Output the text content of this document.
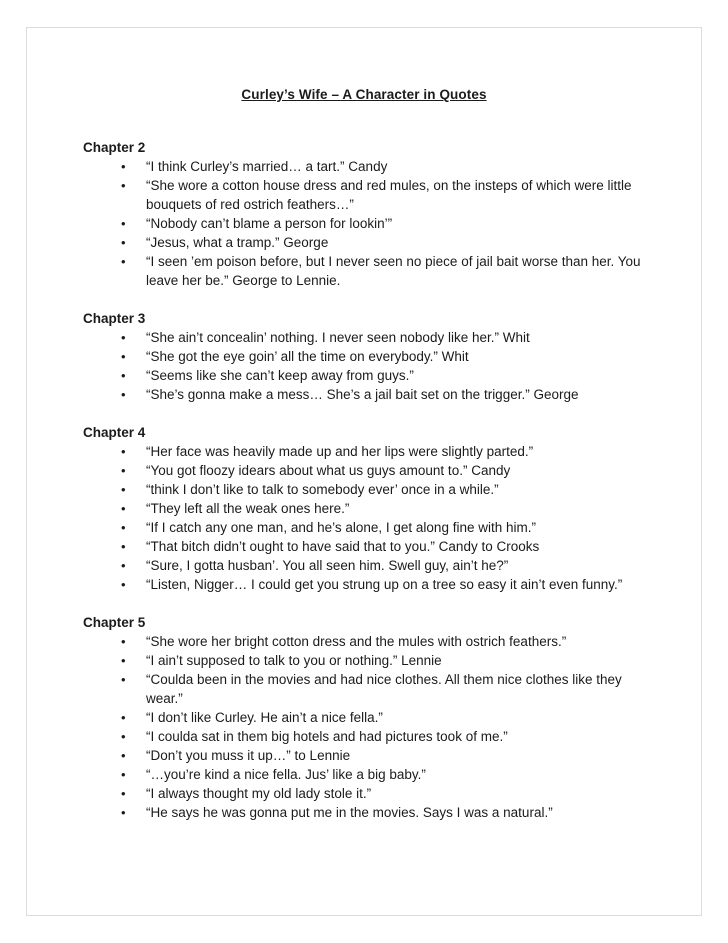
Curley’s Wife – A Character in Quotes
Chapter 2
•
“I think Curley’s married… a tart.” Candy
•
“She wore a cotton house dress and red mules, on the insteps of which were little bouquets of red ostrich feathers…”
•
“Nobody can’t blame a person for lookin’”
•
“Jesus, what a tramp.” George
•
“I seen ’em poison before, but I never seen no piece of jail bait worse than her. You leave her be.” George to Lennie.
Chapter 3
•
“She ain’t concealin’ nothing. I never seen nobody like her.” Whit
•
“She got the eye goin’ all the time on everybody.” Whit
•
“Seems like she can’t keep away from guys.”
•
“She’s gonna make a mess… She’s a jail bait set on the trigger.” George
Chapter 4
•
“Her face was heavily made up and her lips were slightly parted.”
•
“You got floozy idears about what us guys amount to.” Candy
•
“think I don’t like to talk to somebody ever’ once in a while.”
•
“They left all the weak ones here.”
•
“If I catch any one man, and he’s alone, I get along fine with him.”
•
“That bitch didn’t ought to have said that to you.” Candy to Crooks
•
“Sure, I gotta husban’. You all seen him. Swell guy, ain’t he?”
•
“Listen, Nigger… I could get you strung up on a tree so easy it ain’t even funny.”
Chapter 5
•
“She wore her bright cotton dress and the mules with ostrich feathers.”
•
“I ain’t supposed to talk to you or nothing.” Lennie
•
“Coulda been in the movies and had nice clothes. All them nice clothes like they wear.”
•
“I don’t like Curley. He ain’t a nice fella.”
•
“I coulda sat in them big hotels and had pictures took of me.”
•
“Don’t you muss it up…” to Lennie
•
“…you’re kind a nice fella. Jus’ like a big baby.”
•
“I always thought my old lady stole it.”
•
“He says he was gonna put me in the movies. Says I was a natural.”
